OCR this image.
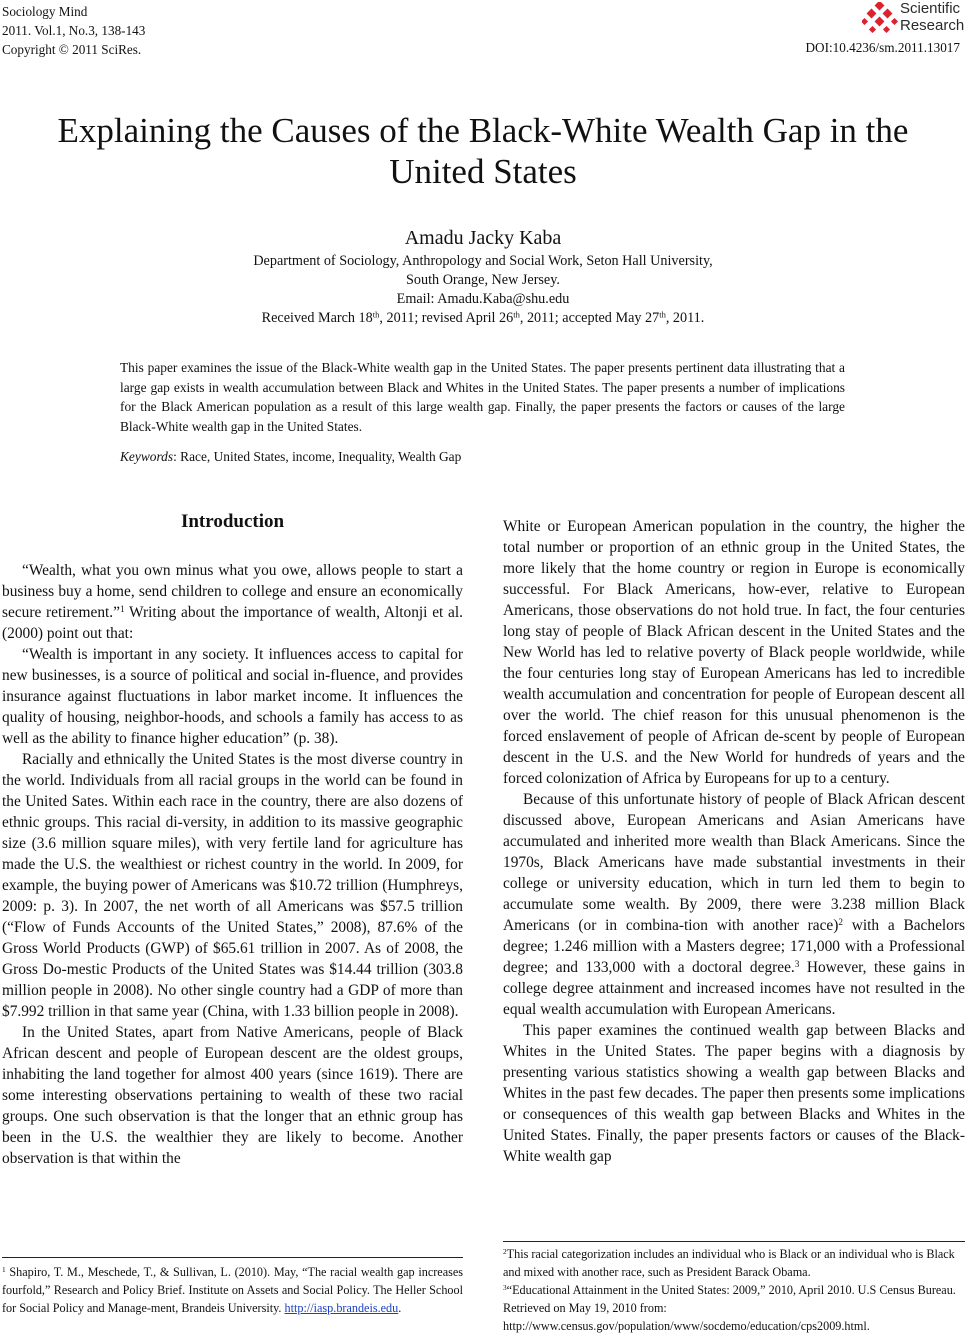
Sociology Mind
2011. Vol.1, No.3, 138-143
Copyright © 2011 SciRes.	DOI:10.4236/sm.2011.13017
Scientific
Research
Explaining the Causes of the Black-White Wealth Gap in the United States
Amadu Jacky Kaba
Department of Sociology, Anthropology and Social Work, Seton Hall University,
South Orange, New Jersey.
Email: Amadu.Kaba@shu.edu
Received March 18th, 2011; revised April 26th, 2011; accepted May 27th, 2011.
This paper examines the issue of the Black-White wealth gap in the United States. The paper presents pertinent data illustrating that a large gap exists in wealth accumulation between Black and Whites in the United States. The paper presents a number of implications for the Black American population as a result of this large wealth gap. Finally, the paper presents the factors or causes of the large Black-White wealth gap in the United States.
Keywords: Race, United States, income, Inequality, Wealth Gap
Introduction

“Wealth, what you own minus what you owe, allows people to start a business buy a home, send children to college and ensure an economically secure retirement.”$^1$ Writing about the importance of wealth, Altonji et al. (2000) point out that:

“Wealth is important in any society. It influences access to capital for new businesses, is a source of political and social in-fluence, and provides insurance against fluctuations in labor market income. It influences the quality of housing, neighbor-hoods, and schools a family has access to as well as the ability to finance higher education” (p. 38).

Racially and ethnically the United States is the most diverse country in the world. Individuals from all racial groups in the world can be found in the United Sates. Within each race in the country, there are also dozens of ethnic groups. This racial di-versity, in addition to its massive geographic size (3.6 million square miles), with very fertile land for agriculture has made the U.S. the wealthiest or richest country in the world. In 2009, for example, the buying power of Americans was $10.72 trillion (Humphreys, 2009: p. 3). In 2007, the net worth of all Americans was $57.5 trillion (“Flow of Funds Accounts of the United States,” 2008), 87.6% of the Gross World Products (GWP) of $65.61 trillion in 2007. As of 2008, the Gross Do-mestic Products of the United States was $14.44 trillion (303.8 million people in 2008). No other single country had a GDP of more than $7.992 trillion in that same year (China, with 1.33 billion people in 2008).

In the United States, apart from Native Americans, people of Black African descent and people of European descent are the oldest groups, inhabiting the land together for almost 400 years (since 1619). There are some interesting observations pertaining to wealth of these two racial groups. One such observation is that the longer that an ethnic group has been in the U.S. the wealthier they are likely to become. Another observation is that within the

White or European American population in the country, the higher the total number or proportion of an ethnic group in the United States, the more likely that the home country or region in Europe is economically successful. For Black Americans, how-ever, relative to European Americans, those observations do not hold true. In fact, the four centuries long stay of people of Black African descent in the United States and the New World has led to relative poverty of Black people worldwide, while the four centuries long stay of European Americans has led to incredible wealth accumulation and concentration for people of European descent all over the world. The chief reason for this unusual phenomenon is the forced enslavement of people of African de-scent by people of European descent in the U.S. and the New World for hundreds of years and the forced colonization of Africa by Europeans for up to a century.

Because of this unfortunate history of people of Black African descent discussed above, European Americans and Asian Americans have accumulated and inherited more wealth than Black Americans. Since the 1970s, Black Americans have made substantial investments in their college or university education, which in turn led them to begin to accumulate some wealth. By 2009, there were 3.238 million Black Americans (or in combina-tion with another race)$^2$ with a Bachelors degree; 1.246 million with a Masters degree; 171,000 with a Professional degree; and 133,000 with a doctoral degree.$^3$ However, these gains in college degree attainment and increased incomes have not resulted in the equal wealth accumulation with European Americans.

This paper examines the continued wealth gap between Blacks and Whites in the United States. The paper begins with a diagnosis by presenting various statistics showing a wealth gap between Blacks and Whites in the past few decades. The paper then presents some implications or consequences of this wealth gap between Blacks and Whites in the United States. Finally, the paper presents factors or causes of the Black-White wealth gap

$^1$ Shapiro, T. M., Meschede, T., & Sullivan, L. (2010). May, “The racial wealth gap increases fourfold,” Research and Policy Brief. Institute on Assets and Social Policy. The Heller School for Social Policy and Manage-ment, Brandeis University. http://iasp.brandeis.edu.

$^2$This racial categorization includes an individual who is Black or an individual who is Black and mixed with another race, such as President Barack Obama.

$^3$“Educational Attainment in the United States: 2009,” 2010, April 2010. U.S Census Bureau. Retrieved on May 19, 2010 from:

http://www.census.gov/population/www/socdemo/education/cps2009.html.
